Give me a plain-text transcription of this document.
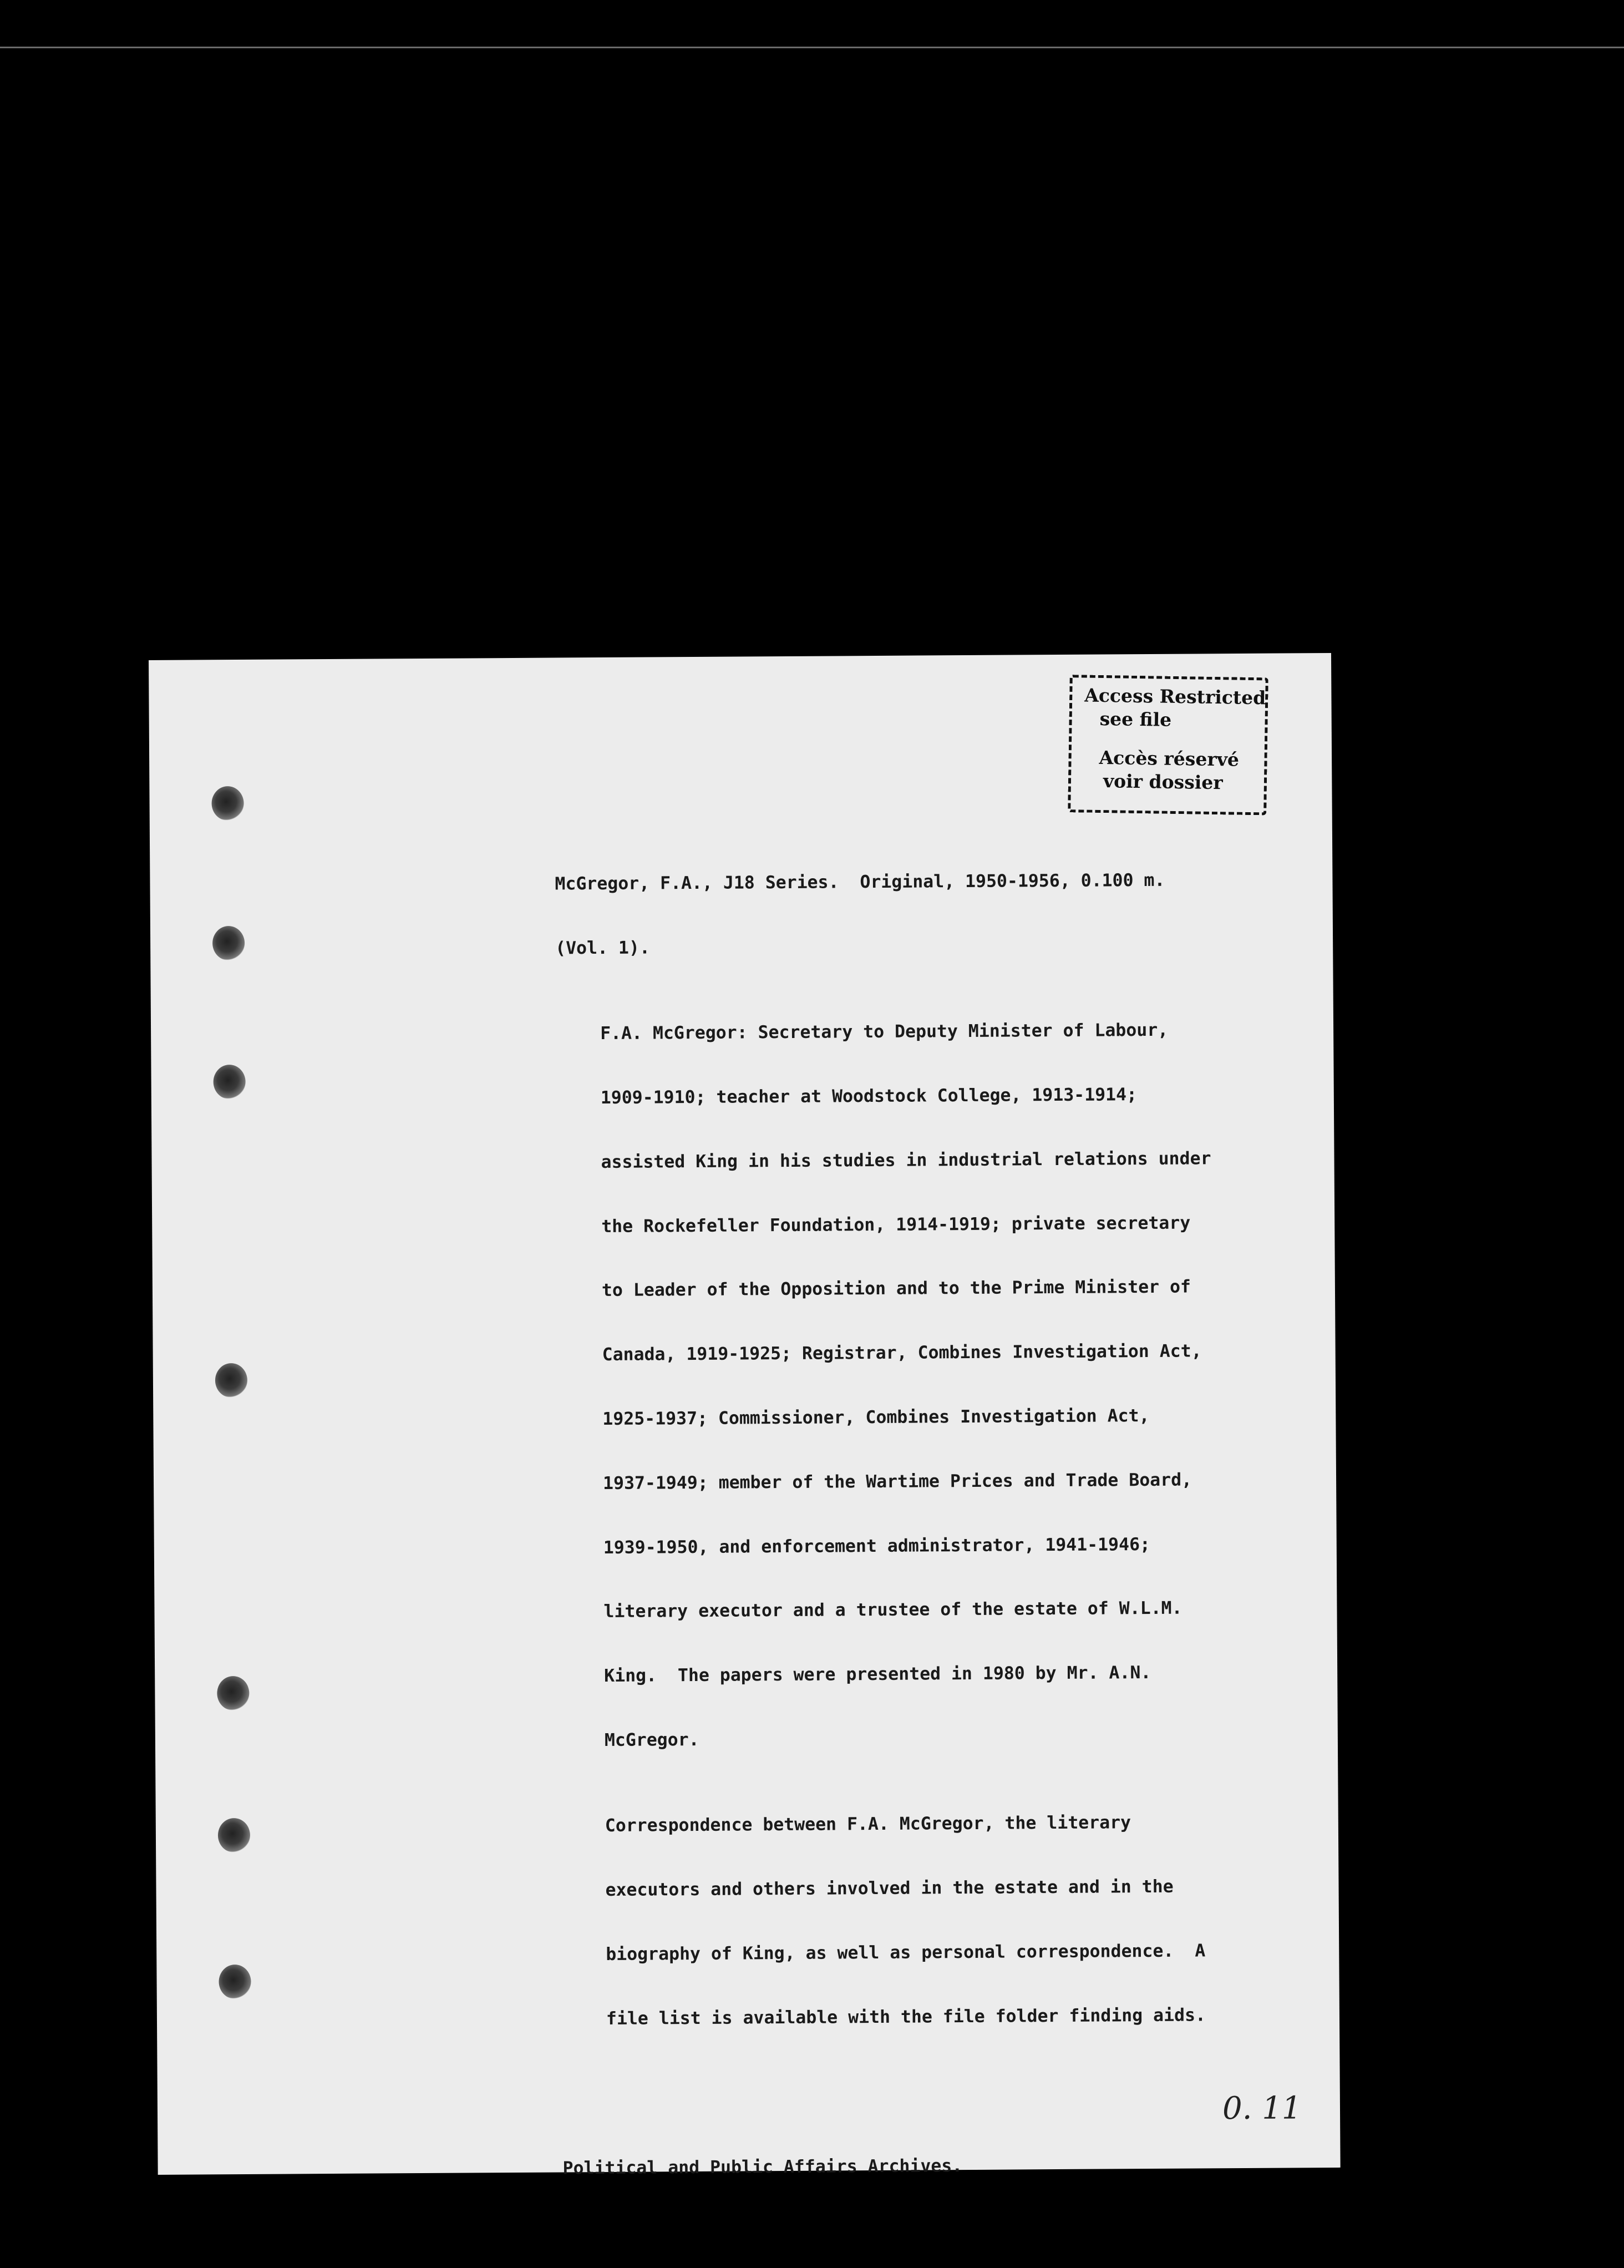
Access Restricted
see file
Accès réservé
voir dossier

McGregor, F.A., J18 Series.  Original, 1950-1956, 0.100 m.

(Vol. 1).

F.A. McGregor: Secretary to Deputy Minister of Labour,

1909-1910; teacher at Woodstock College, 1913-1914;

assisted King in his studies in industrial relations under

the Rockefeller Foundation, 1914-1919; private secretary

to Leader of the Opposition and to the Prime Minister of

Canada, 1919-1925; Registrar, Combines Investigation Act,

1925-1937; Commissioner, Combines Investigation Act,

1937-1949; member of the Wartime Prices and Trade Board,

1939-1950, and enforcement administrator, 1941-1946;

literary executor and a trustee of the estate of W.L.M.

King.  The papers were presented in 1980 by Mr. A.N.

McGregor.

Correspondence between F.A. McGregor, the literary

executors and others involved in the estate and in the

biography of King, as well as personal correspondence.  A

file list is available with the file folder finding aids.

Political and Public Affairs Archives.

0. 11
